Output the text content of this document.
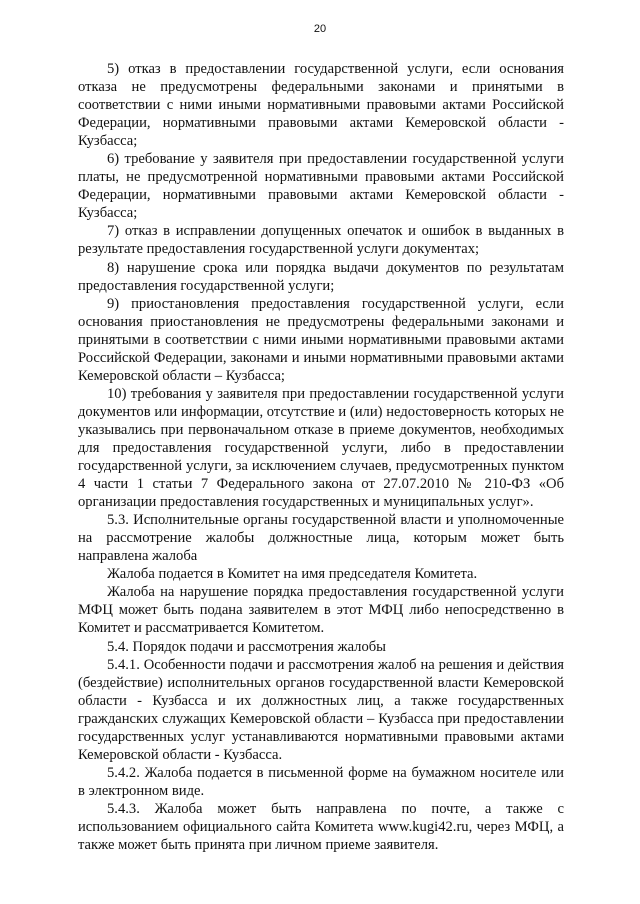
20

5) отказ в предоставлении государственной услуги, если основания отказа не предусмотрены федеральными законами и принятыми в соответствии с ними иными нормативными правовыми актами Российской Федерации, нормативными правовыми актами Кемеровской области - Кузбасса;

6) требование у заявителя при предоставлении государственной услуги платы, не предусмотренной нормативными правовыми актами Российской Федерации, нормативными правовыми актами Кемеровской области - Кузбасса;

7) отказ в исправлении допущенных опечаток и ошибок в выданных в результате предоставления государственной услуги документах;

8) нарушение срока или порядка выдачи документов по результатам предоставления государственной услуги;

9) приостановления предоставления государственной услуги, если основания приостановления не предусмотрены федеральными законами и принятыми в соответствии с ними иными нормативными правовыми актами Российской Федерации, законами и иными нормативными правовыми актами Кемеровской области – Кузбасса;

10) требования у заявителя при предоставлении государственной услуги документов или информации, отсутствие и (или) недостоверность которых не указывались при первоначальном отказе в приеме документов, необходимых для предоставления государственной услуги, либо в предоставлении государственной услуги, за исключением случаев, предусмотренных пунктом 4 части 1 статьи 7 Федерального закона от 27.07.2010 № 210-ФЗ «Об организации предоставления государственных и муниципальных услуг».

5.3. Исполнительные органы государственной власти и уполномоченные на рассмотрение жалобы должностные лица, которым может быть направлена жалоба

Жалоба подается в Комитет на имя председателя Комитета.

Жалоба на нарушение порядка предоставления государственной услуги МФЦ может быть подана заявителем в этот МФЦ либо непосредственно в Комитет и рассматривается Комитетом.

5.4. Порядок подачи и рассмотрения жалобы

5.4.1. Особенности подачи и рассмотрения жалоб на решения и действия (бездействие) исполнительных органов государственной власти Кемеровской области - Кузбасса и их должностных лиц, а также государственных гражданских служащих Кемеровской области – Кузбасса при предоставлении государственных услуг устанавливаются нормативными правовыми актами Кемеровской области - Кузбасса.

5.4.2. Жалоба подается в письменной форме на бумажном носителе или в электронном виде.

5.4.3. Жалоба может быть направлена по почте, а также с использованием официального сайта Комитета www.kugi42.ru, через МФЦ, а также может быть принята при личном приеме заявителя.
